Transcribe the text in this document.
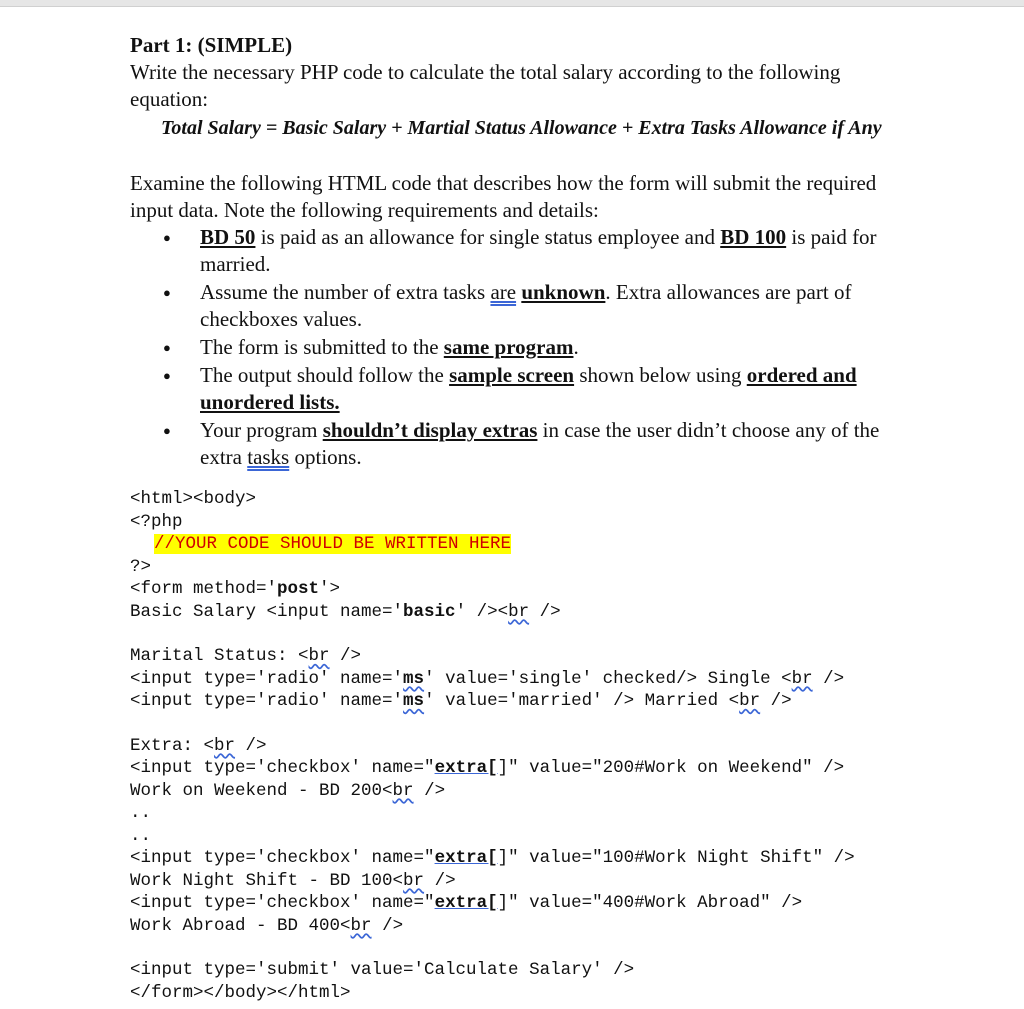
Part 1: (SIMPLE)

Write the necessary PHP code to calculate the total salary according to the following
equation:

Total Salary = Basic Salary + Martial Status Allowance + Extra Tasks Allowance if Any

Examine the following HTML code that describes how the form will submit the required
input data. Note the following requirements and details:

● BD 50 is paid as an allowance for single status employee and BD 100 is paid for
married.
● Assume the number of extra tasks are unknown. Extra allowances are part of
checkboxes values.
● The form is submitted to the same program.
● The output should follow the sample screen shown below using ordered and
unordered lists.
● Your program shouldn’t display extras in case the user didn’t choose any of the
extra tasks options.
<html><body>
<?php
//YOUR CODE SHOULD BE WRITTEN HERE
?>
<form method='post'>
Basic Salary <input name='basic' /><br />
Marital Status: <br />
<input type='radio' name='ms' value='single' checked/> Single <br />
<input type='radio' name='ms' value='married' /> Married <br />
Extra: <br />
<input type='checkbox' name="extra[]" value="200#Work on Weekend" />
Work on Weekend - BD 200<br />
..
..
<input type='checkbox' name="extra[]" value="100#Work Night Shift" />
Work Night Shift - BD 100<br />
<input type='checkbox' name="extra[]" value="400#Work Abroad" />
Work Abroad - BD 400<br />
<input type='submit' value='Calculate Salary' />
</form></body></html>
